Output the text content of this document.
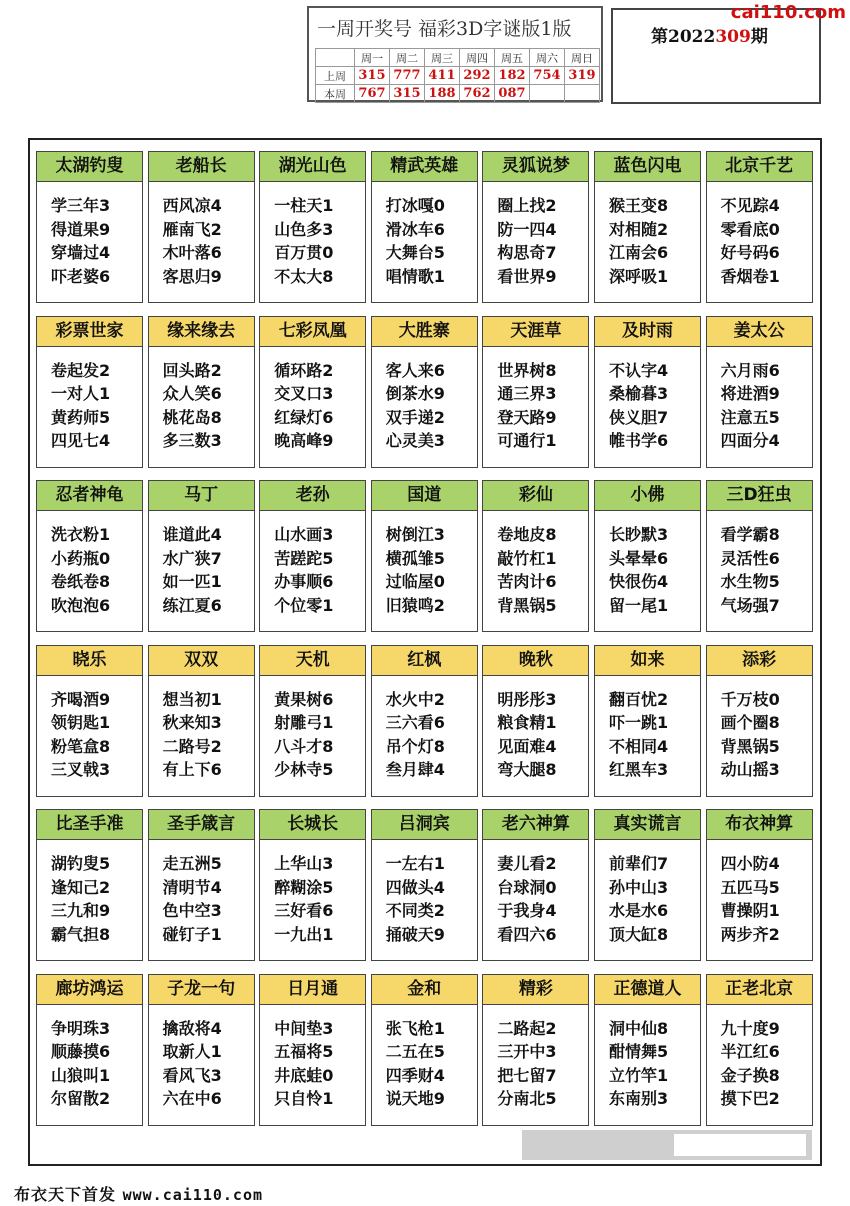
一周开奖号 福彩3D字谜版1版
	周一	周二	周三	周四	周五	周六	周日
上周	315	777	411	292	182	754	319
本周	767	315	188	762	087		
第2022309期
cai110.com
太湖钓叟
学三年3
得道果9
穿墙过4
吓老婆6
老船长
西风凉4
雁南飞2
木叶落6
客思归9
湖光山色
一柱天1
山色多3
百万贯0
不太大8
精武英雄
打冰嘎0
滑冰车6
大舞台5
唱情歌1
灵狐说梦
圈上找2
防一四4
构思奇7
看世界9
蓝色闪电
猴王变8
对相随2
江南会6
深呼吸1
北京千艺
不见踪4
零看底0
好号码6
香烟卷1
彩票世家
卷起发2
一对人1
黄药师5
四见七4
缘来缘去
回头路2
众人笑6
桃花岛8
多三数3
七彩凤凰
循环路2
交叉口3
红绿灯6
晚高峰9
大胜寨
客人来6
倒茶水9
双手递2
心灵美3
天涯草
世界树8
通三界3
登天路9
可通行1
及时雨
不认字4
桑榆暮3
侠义胆7
帷书学6
姜太公
六月雨6
将进酒9
注意五5
四面分4
忍者神龟
洗衣粉1
小药瓶0
卷纸卷8
吹泡泡6
马丁
谁道此4
水广狭7
如一匹1
练江夏6
老孙
山水画3
苦蹉跎5
办事顺6
个位零1
国道
树倒江3
横孤雏5
过临屋0
旧猿鸣2
彩仙
卷地皮8
敲竹杠1
苦肉计6
背黑锅5
小佛
长眇默3
头晕晕6
快很伤4
留一尾1
三D狂虫
看学霸8
灵活性6
水生物5
气场强7
晓乐
齐喝酒9
领钥匙1
粉笔盒8
三叉戟3
双双
想当初1
秋来知3
二路号2
有上下6
天机
黄果树6
射雕弓1
八斗才8
少林寺5
红枫
水火中2
三六看6
吊个灯8
叁月肆4
晚秋
明彤彤3
粮食精1
见面难4
弯大腿8
如来
翻百忧2
吓一跳1
不相同4
红黑车3
添彩
千万枝0
画个圈8
背黑锅5
动山摇3
比圣手准
湖钓叟5
逢知己2
三九和9
霸气担8
圣手箴言
走五洲5
清明节4
色中空3
碰钉子1
长城长
上华山3
醉糊涂5
三好看6
一九出1
吕洞宾
一左右1
四做头4
不同类2
捅破天9
老六神算
妻儿看2
台球洞0
于我身4
看四六6
真实谎言
前辈们7
孙中山3
水是水6
顶大缸8
布衣神算
四小防4
五匹马5
曹操阴1
两步齐2
廊坊鸿运
争明珠3
顺藤摸6
山狼叫1
尔留散2
子龙一句
擒敌将4
取新人1
看风飞3
六在中6
日月通
中间垫3
五福将5
井底蛙0
只自怜1
金和
张飞枪1
二五在5
四季财4
说天地9
精彩
二路起2
三开中3
把七留7
分南北5
正德道人
洞中仙8
酣情舞5
立竹竿1
东南别3
正老北京
九十度9
半江红6
金子换8
摸下巴2
布衣天下首发 www.cai110.com
